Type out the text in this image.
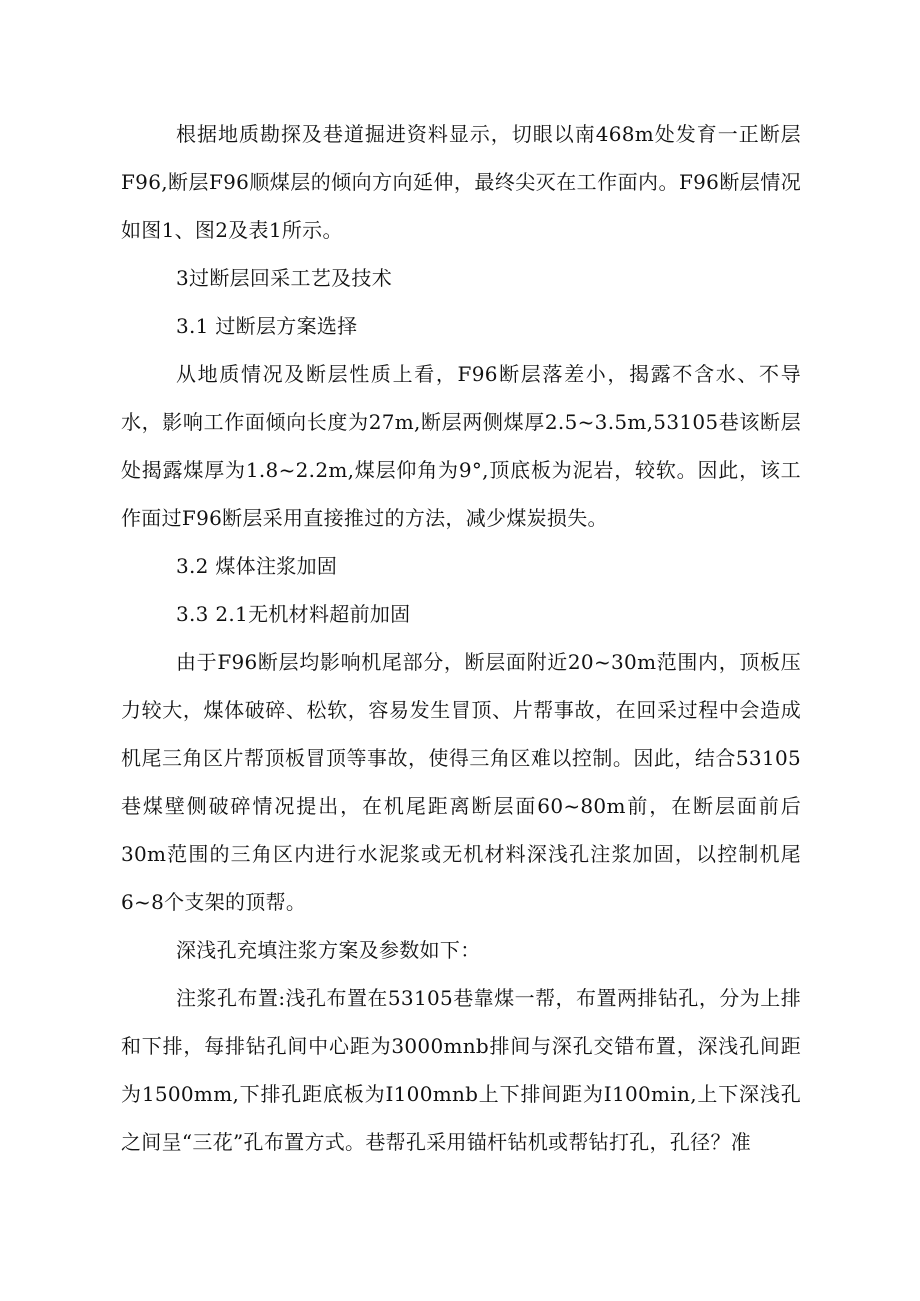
根据地质勘探及巷道掘进资料显示，切眼以南468m处发育一正断层F96,断层F96顺煤层的倾向方向延伸，最终尖灭在工作面内。F96断层情况如图1、图2及表1所示。

3过断层回采工艺及技术

3.1 过断层方案选择

从地质情况及断层性质上看，F96断层落差小，揭露不含水、不导水，影响工作面倾向长度为27m,断层两侧煤厚2.5~3.5m,53105巷该断层处揭露煤厚为1.8~2.2m,煤层仰角为9°,顶底板为泥岩，较软。因此，该工作面过F96断层采用直接推过的方法，减少煤炭损失。

3.2 煤体注浆加固

3.3 2.1无机材料超前加固

由于F96断层均影响机尾部分，断层面附近20~30m范围内，顶板压力较大，煤体破碎、松软，容易发生冒顶、片帮事故，在回采过程中会造成机尾三角区片帮顶板冒顶等事故，使得三角区难以控制。因此，结合53105巷煤壁侧破碎情况提出，在机尾距离断层面60~80m前，在断层面前后30m范围的三角区内进行水泥浆或无机材料深浅孔注浆加固，以控制机尾6~8个支架的顶帮。

深浅孔充填注浆方案及参数如下：

注浆孔布置:浅孔布置在53105巷靠煤一帮，布置两排钻孔，分为上排和下排，每排钻孔间中心距为3000mnb排间与深孔交错布置，深浅孔间距为1500mm,下排孔距底板为I100mnb上下排间距为I100min,上下深浅孔之间呈“三花”孔布置方式。巷帮孔采用锚杆钻机或帮钻打孔，孔径？准
